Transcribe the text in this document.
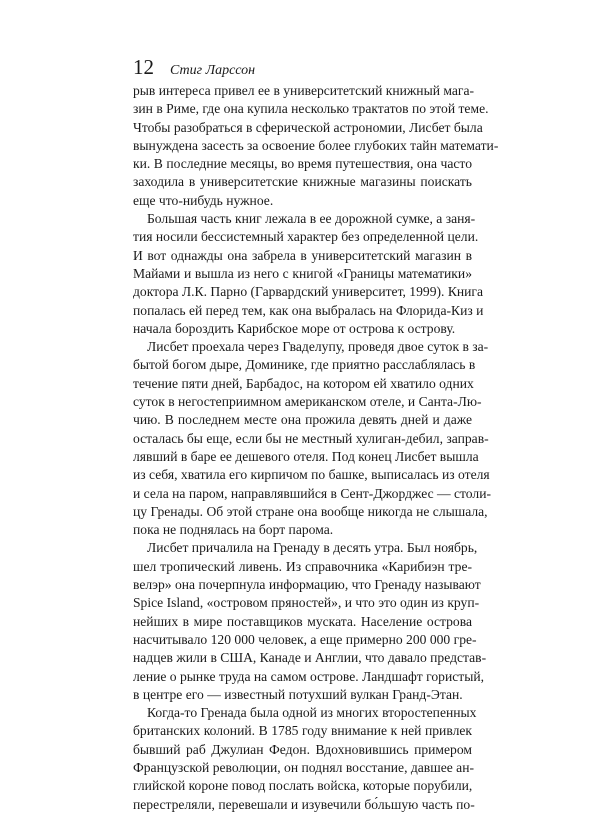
12 Стиг Ларссон
рыв интереса привел ее в университетский книжный мага-
зин в Риме, где она купила несколько трактатов по этой теме.
Чтобы разобраться в сферической астрономии, Лисбет была
вынуждена засесть за освоение более глубоких тайн математи-
ки. В последние месяцы, во время путешествия, она часто
заходила в университетские книжные магазины поискать
еще что-нибудь нужное.
Большая часть книг лежала в ее дорожной сумке, а заня-
тия носили бессистемный характер без определенной цели.
И вот однажды она забрела в университетский магазин в
Майами и вышла из него с книгой «Границы математики»
доктора Л.К. Парно (Гарвардский университет, 1999). Книга
попалась ей перед тем, как она выбралась на Флорида-Киз и
начала бороздить Карибское море от острова к острову.
Лисбет проехала через Гваделупу, проведя двое суток в за-
бытой богом дыре, Доминике, где приятно расслаблялась в
течение пяти дней, Барбадос, на котором ей хватило одних
суток в негостеприимном американском отеле, и Санта-Лю-
чию. В последнем месте она прожила девять дней и даже
осталась бы еще, если бы не местный хулиган-дебил, заправ-
лявший в баре ее дешевого отеля. Под конец Лисбет вышла
из себя, хватила его кирпичом по башке, выписалась из отеля
и села на паром, направлявшийся в Сент-Джорджес — столи-
цу Гренады. Об этой стране она вообще никогда не слышала,
пока не поднялась на борт парома.
Лисбет причалила на Гренаду в десять утра. Был ноябрь,
шел тропический ливень. Из справочника «Карибиэн тре-
велэр» она почерпнула информацию, что Гренаду называют
Spice Island, «островом пряностей», и что это один из круп-
нейших в мире поставщиков муската. Население острова
насчитывало 120 000 человек, а еще примерно 200 000 гре-
надцев жили в США, Канаде и Англии, что давало представ-
ление о рынке труда на самом острове. Ландшафт гористый,
в центре его — известный потухший вулкан Гранд-Этан.
Когда-то Гренада была одной из многих второстепенных
британских колоний. В 1785 году внимание к ней привлек
бывший раб Джулиан Федон. Вдохновившись примером
Французской революции, он поднял восстание, давшее ан-
глийской короне повод послать войска, которые порубили,
перестреляли, перевешали и изувечили бо́льшую часть по-
